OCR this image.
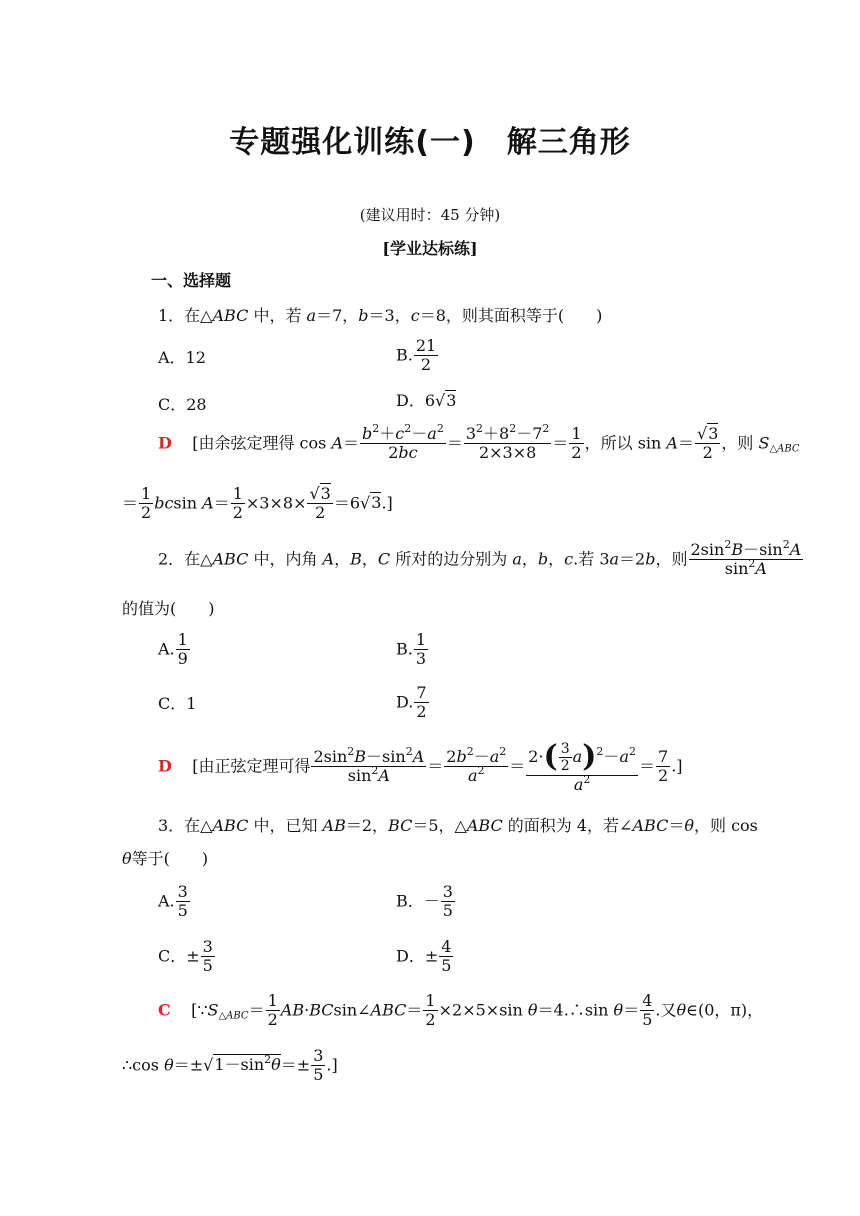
专题强化训练(一)　解三角形
(建议用时：45 分钟)
[学业达标练]
一、选择题
1．在△ABC 中，若 a＝7，b＝3，c＝8，则其面积等于(　　)
A．12	B. $\frac{21}{2}$
C．28	D．6√3
D    [由余弦定理得 $\cos A= \frac{b^2+c^2-a^2}{2bc} = \frac{3^2+8^2-7^2}{2\times 3\times 8} = \frac{1}{2}$ ，所以 $\sin A= \frac{√3}{2}$ ，则 $S_{\triangle ABC}$
＝ $\frac{1}{2}$ bcsin $A= \frac{1}{2} \times 3\times 8\times \frac{√3}{2} =6√3$.]
2．在△ABC 中，内角 A，B，C 所对的边分别为 a，b，c.若 3a＝2b，则 $\frac{2\sin^2B-\sin^2A}{\sin^2A}$
的值为(　　)
A. $\frac{1}{9}$	B. $\frac{1}{3}$
C．1	D. $\frac{7}{2}$
D    [由正弦定理可得 $\frac{2\sin^2B-\sin^2A}{\sin^2A} = \frac{2b^2-a^2}{a^2} = \frac{2\cdot( \frac{3}{2} a)^2-a^2}{a^2} = \frac{7}{2}$ .]
3．在△ABC 中，已知 AB＝2，BC＝5，△ABC 的面积为 4，若∠ABC＝θ，则 cos
θ等于(　　)
A. $\frac{3}{5}$	B．－ $\frac{3}{5}$
C．± $\frac{3}{5}$	D．± $\frac{4}{5}$
C    [$\because S_{\triangle ABC}= \frac{1}{2}$ AB·BCsin∠ABC＝ $\frac{1}{2} \times 2\times 5\times\sin$ θ＝4.∴sin $\theta= \frac{4}{5}$ .又θ∈(0，π)，
∴cos $\theta=\pm√1-\sin^2\theta=\pm \frac{3}{5}$ .]
